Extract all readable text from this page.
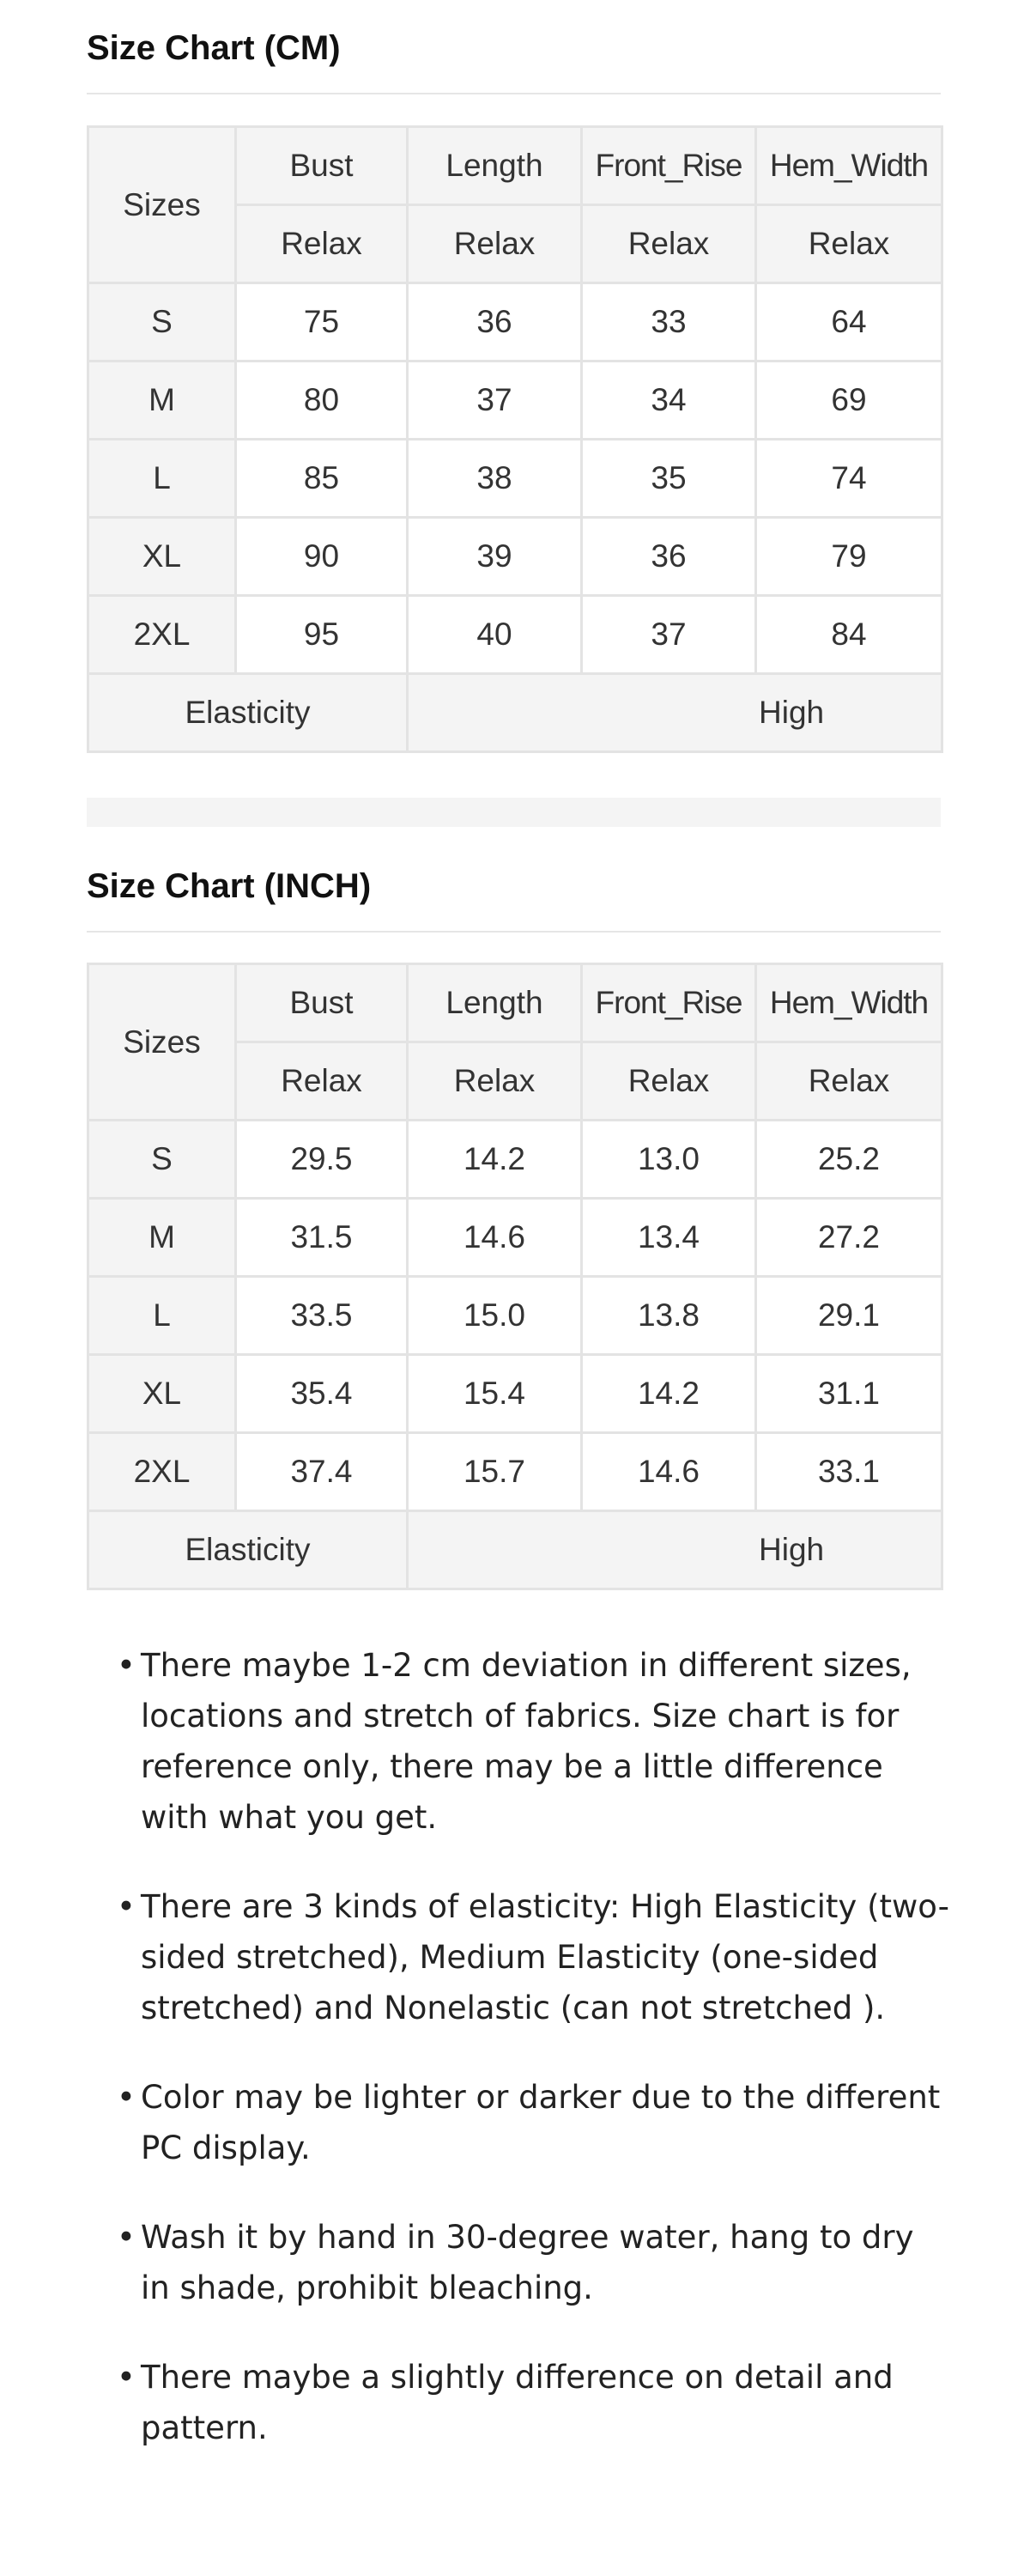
Size Chart (CM)
Sizes	Bust	Length	Front_Rise	Hem_Width
	Relax	Relax	Relax	Relax
S	75	36	33	64
M	80	37	34	69
L	85	38	35	74
XL	90	39	36	79
2XL	95	40	37	84
Elasticity		High		
Size Chart (INCH)
Sizes	Bust	Length	Front_Rise	Hem_Width
	Relax	Relax	Relax	Relax
S	29.5	14.2	13.0	25.2
M	31.5	14.6	13.4	27.2
L	33.5	15.0	13.8	29.1
XL	35.4	15.4	14.2	31.1
2XL	37.4	15.7	14.6	33.1
Elasticity		High		
• There maybe 1-2 cm deviation in different sizes, locations and stretch of fabrics. Size chart is for reference only, there may be a little difference with what you get.
• There are 3 kinds of elasticity: High Elasticity (two-sided stretched), Medium Elasticity (one-sided stretched) and Nonelastic (can not stretched ).
• Color may be lighter or darker due to the different PC display.
• Wash it by hand in 30-degree water, hang to dry in shade, prohibit bleaching.
• There maybe a slightly difference on detail and pattern.
